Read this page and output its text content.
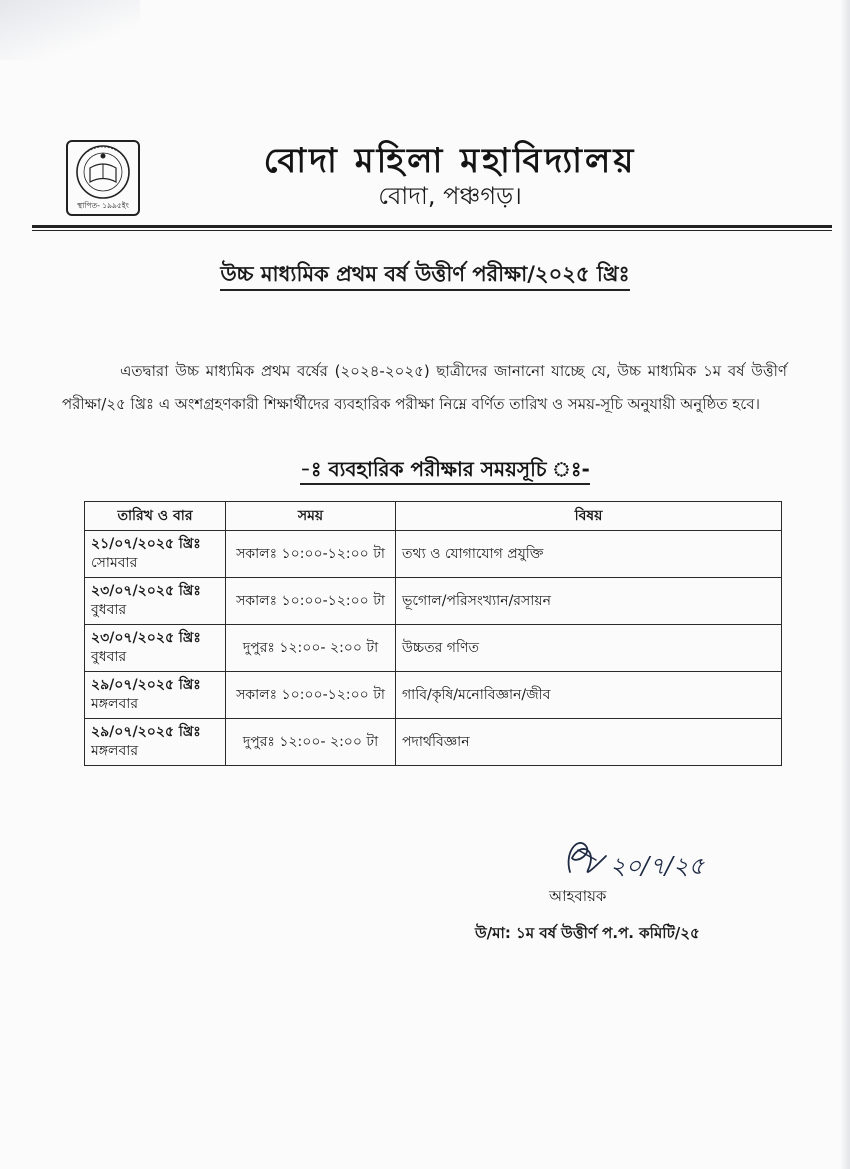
স্থাপিত- ১৯৯৫ইং
বোদা মহিলা মহাবিদ্যালয়
বোদা, পঞ্চগড়।
উচ্চ মাধ্যমিক প্রথম বর্ষ উত্তীর্ণ পরীক্ষা/২০২৫ খ্রিঃ

এতদ্বারা উচ্চ মাধ্যমিক প্রথম বর্ষের (২০২৪-২০২৫) ছাত্রীদের জানানো যাচ্ছে যে, উচ্চ মাধ্যমিক ১ম বর্ষ উত্তীর্ণ পরীক্ষা/২৫ খ্রিঃ এ অংশগ্রহণকারী শিক্ষার্থীদের ব্যবহারিক পরীক্ষা নিম্নে বর্ণিত তারিখ ও সময়-সূচি অনুযায়ী অনুষ্ঠিত হবে।

-ঃ ব্যবহারিক পরীক্ষার সময়সূচি ঃ-
তারিখ ও বার	সময়	বিষয়

২১/০৭/২০২৫ খ্রিঃ
সোমবার	সকালঃ ১০:০০-১২:০০ টা	তথ্য ও যোগাযোগ প্রযুক্তি

২৩/০৭/২০২৫ খ্রিঃ
বুধবার	সকালঃ ১০:০০-১২:০০ টা	ভূগোল/পরিসংখ্যান/রসায়ন

২৩/০৭/২০২৫ খ্রিঃ
বুধবার	দুপুরঃ ১২:০০- ২:০০ টা	উচ্চতর গণিত

২৯/০৭/২০২৫ খ্রিঃ
মঙ্গলবার	সকালঃ ১০:০০-১২:০০ টা	গাবি/কৃষি/মনোবিজ্ঞান/জীব

২৯/০৭/২০২৫ খ্রিঃ
মঙ্গলবার	দুপুরঃ ১২:০০- ২:০০ টা	পদার্থবিজ্ঞান
২০/৭/২৫
আহবায়ক
উ/মা: ১ম বর্ষ উত্তীর্ণ প.প. কমিটি/২৫
